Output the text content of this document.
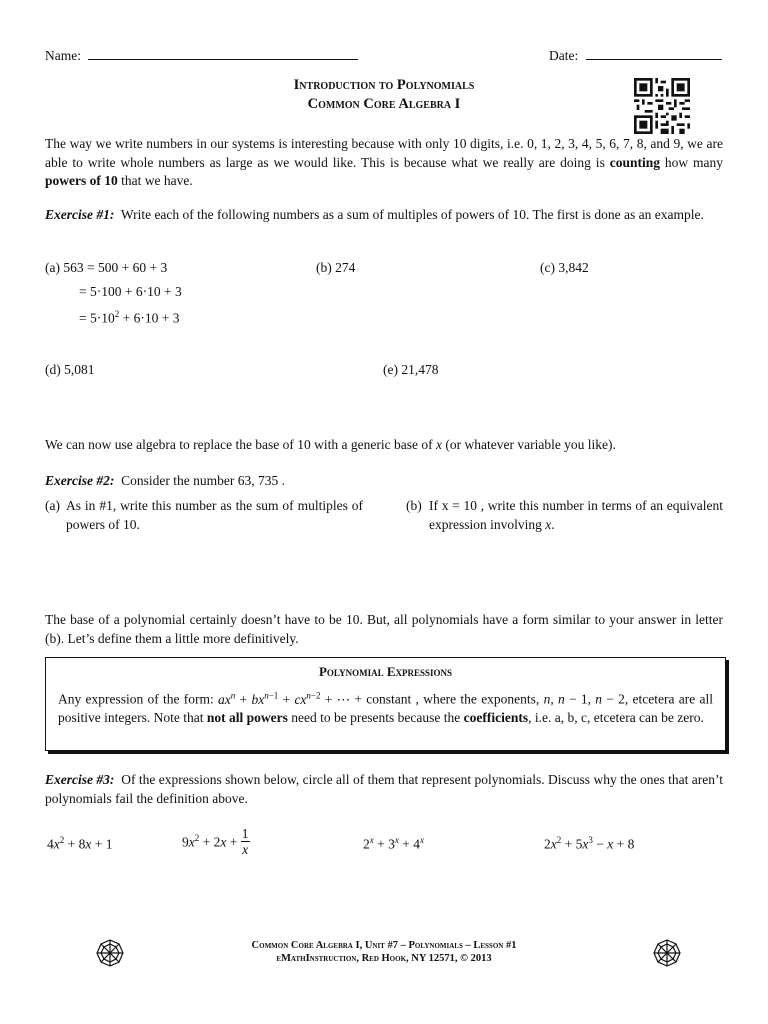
Name:	Date:
Introduction to Polynomials
Common Core Algebra I
The way we write numbers in our systems is interesting because with only 10 digits, i.e. 0, 1, 2, 3, 4, 5, 6, 7, 8, and 9, we are able to write whole numbers as large as we would like. This is because what we really are doing is counting how many powers of 10 that we have.
Exercise #1: Write each of the following numbers as a sum of multiples of powers of 10. The first is done as an example.
(a) 563 = 500 + 60 + 3
= 5·100 + 6·10 + 3
= $5\cdot 10^2 + 6\cdot 10 + 3$
(b) 274	(c) 3,842
(d) 5,081	(e) 21,478
We can now use algebra to replace the base of 10 with a generic base of x (or whatever variable you like).
Exercise #2: Consider the number 63, 735 .
(a) As in #1, write this number as the sum of multiples of powers of 10.
(b) If x = 10 , write this number in terms of an equivalent expression involving x.
The base of a polynomial certainly doesn’t have to be 10. But, all polynomials have a form similar to your answer in letter (b). Let’s define them a little more definitively.
Polynomial Expressions
Any expression of the form: $ax^n + bx^{n-1} + cx^{n-2}$ + ⋯ + constant , where the exponents, n, n − 1, n − 2, etcetera are all positive integers. Note that not all powers need to be presents because the coefficients, i.e. a, b, c, etcetera can be zero.
Exercise #3: Of the expressions shown below, circle all of them that represent polynomials. Discuss why the ones that aren’t polynomials fail the definition above.
$4x^2 + 8x + 1$	$9x^2 + 2x + \frac{1}{x}$	$2^x + 3^x + 4^x$	$2x^2 + 5x^3 - x + 8$
Common Core Algebra I, Unit #7 – Polynomials – Lesson #1
eMathInstruction, Red Hook, NY 12571, © 2013
